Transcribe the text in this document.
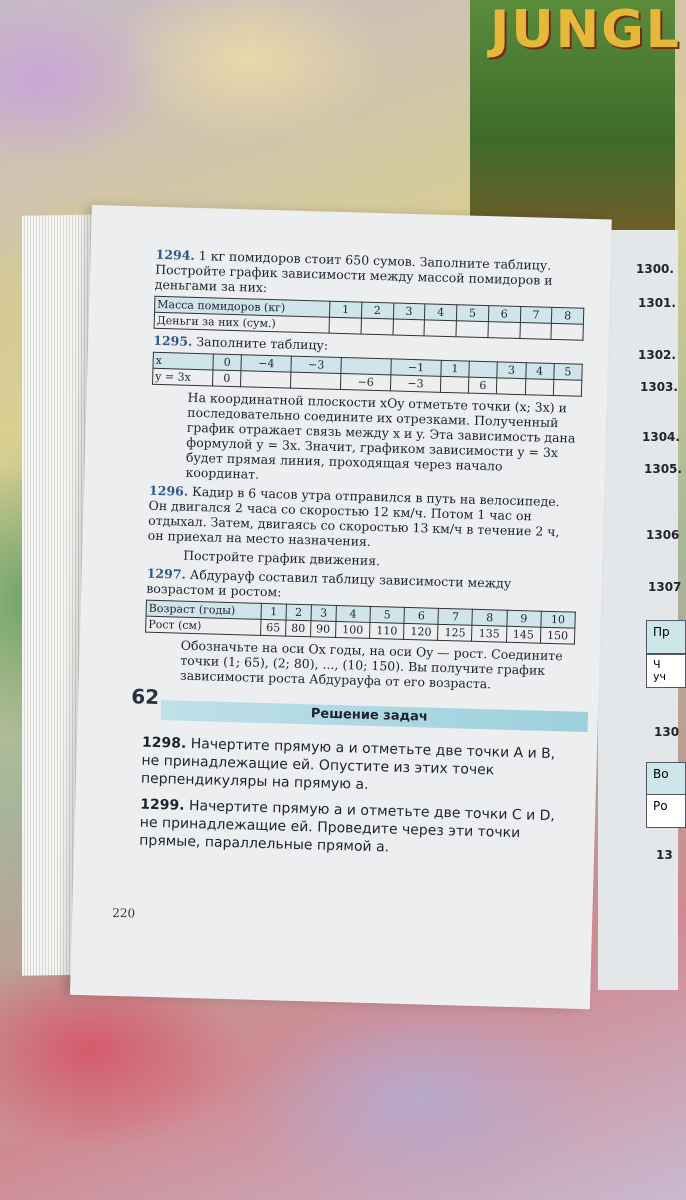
JUNGL
1300.
1301.
1302.
1303.
1304.
1305.
1306
1307
Пр
Ч
уч
130
Во
Ро
13
1294. 1 кг помидоров стоит 650 сумов. Заполните таблицу. Постройте график зависимости между массой помидоров и деньгами за них:
Масса помидоров (кг)	1	2	3	4	5	6	7	8
Деньги за них (сум.)								
1295. Заполните таблицу:
x	0	−4	−3		−1	1		3	4	5
y = 3x	0			−6	−3		6			
На координатной плоскости xOy отметьте точки (x; 3x) и последовательно соедините их отрезками. Полученный график отражает связь между x и y. Эта зависимость дана формулой y = 3x. Значит, графиком зависимости y = 3x будет прямая линия, проходящая через начало координат.
1296. Кадир в 6 часов утра отправился в путь на велосипеде. Он двигался 2 часа со скоростью 12 км/ч. Потом 1 час он отдыхал. Затем, двигаясь со скоростью 13 км/ч в течение 2 ч, он приехал на место назначения.
Постройте график движения.
1297. Абдурауф составил таблицу зависимости между возрастом и ростом:
Возраст (годы)	1	2	3	4	5	6	7	8	9	10
Рост (см)	65	80	90	100	110	120	125	135	145	150
Обозначьте на оси Ox годы, на оси Oy — рост. Соедините точки (1; 65), (2; 80), ..., (10; 150). Вы получите график зависимости роста Абдурауфа от его возраста.
62
Решение задач
1298. Начертите прямую a и отметьте две точки A и B, не принадлежащие ей. Опустите из этих точек перпендикуляры на прямую a.
1299. Начертите прямую a и отметьте две точки C и D, не принадлежащие ей. Проведите через эти точки прямые, параллельные прямой a.
220
